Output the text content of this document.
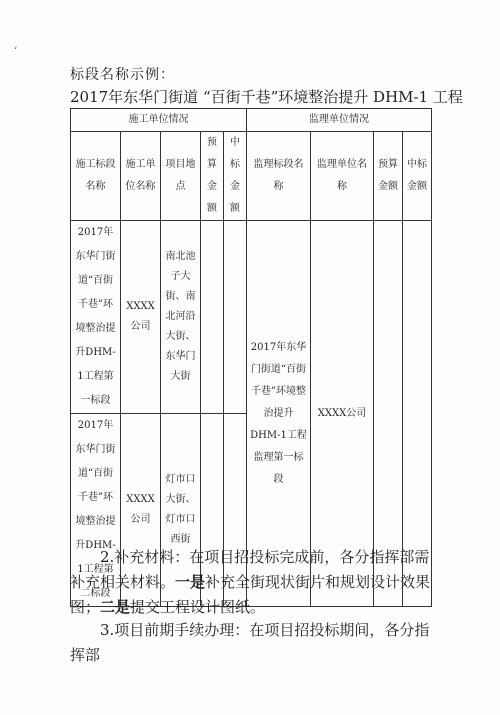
‘
标段名称示例：
2017年东华门街道 “百街千巷”环境整治提升 DHM-1 工程
施工单位情况					监理单位情况			
施工标段名称	施工单位名称	项目地点	预算金额	中标金额	监理标段名称	监理单位名称	预算金额	中标金额
2017年东华门街道“百街千巷”环境整治提升DHM-1工程第一标段	XXXX公司	南北池子大街、南北河沿大街、东华门大街			2017年东华门街道“百街千巷”环境整治提升DHM-1工程监理第一标段	XXXX公司		
2017年东华门街道“百街千巷”环境整治提升DHM-1工程第二标段	XXXX公司	灯市口大街、灯市口西街						
2.补充材料：在项目招投标完成前，各分指挥部需补充相关材料。一是补充全街现状街片和规划设计效果图；二是提交工程设计图纸。
3.项目前期手续办理：在项目招投标期间，各分指挥部
